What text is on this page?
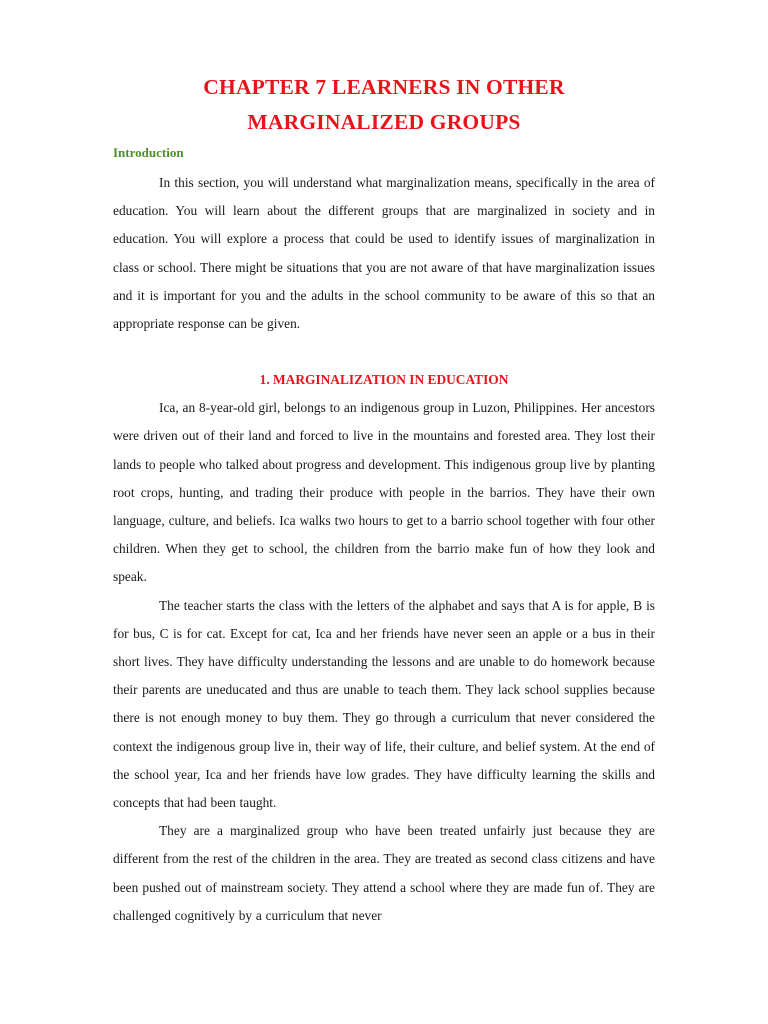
CHAPTER 7 LEARNERS IN OTHER MARGINALIZED GROUPS
Introduction

In this section, you will understand what marginalization means, specifically in the area of education. You will learn about the different groups that are marginalized in society and in education. You will explore a process that could be used to identify issues of marginalization in class or school. There might be situations that you are not aware of that have marginalization issues and it is important for you and the adults in the school community to be aware of this so that an appropriate response can be given.

1. MARGINALIZATION IN EDUCATION

Ica, an 8-year-old girl, belongs to an indigenous group in Luzon, Philippines. Her ancestors were driven out of their land and forced to live in the mountains and forested area. They lost their lands to people who talked about progress and development. This indigenous group live by planting root crops, hunting, and trading their produce with people in the barrios. They have their own language, culture, and beliefs. Ica walks two hours to get to a barrio school together with four other children. When they get to school, the children from the barrio make fun of how they look and speak.

The teacher starts the class with the letters of the alphabet and says that A is for apple, B is for bus, C is for cat. Except for cat, Ica and her friends have never seen an apple or a bus in their short lives. They have difficulty understanding the lessons and are unable to do homework because their parents are uneducated and thus are unable to teach them. They lack school supplies because there is not enough money to buy them. They go through a curriculum that never considered the context the indigenous group live in, their way of life, their culture, and belief system. At the end of the school year, Ica and her friends have low grades. They have difficulty learning the skills and concepts that had been taught.

They are a marginalized group who have been treated unfairly just because they are different from the rest of the children in the area. They are treated as second class citizens and have been pushed out of mainstream society. They attend a school where they are made fun of. They are challenged cognitively by a curriculum that never
